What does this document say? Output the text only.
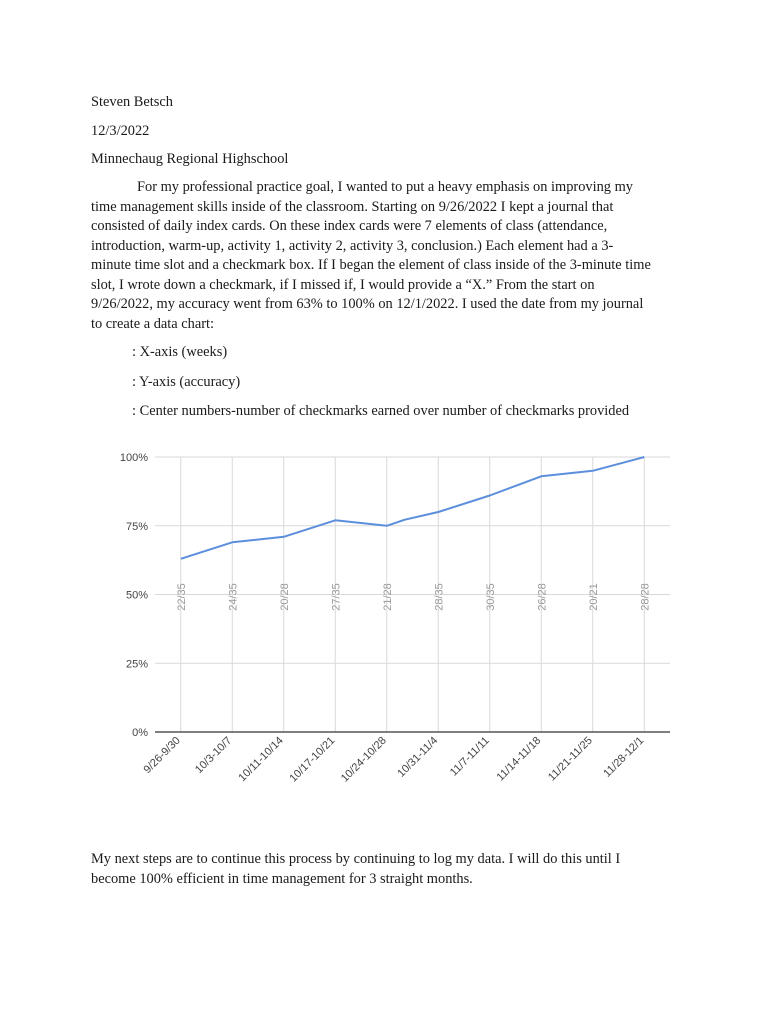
Steven Betsch
12/3/2022
Minnechaug Regional Highschool
For my professional practice goal, I wanted to put a heavy emphasis on improving my
time management skills inside of the classroom. Starting on 9/26/2022 I kept a journal that
consisted of daily index cards. On these index cards were 7 elements of class (attendance,
introduction, warm-up, activity 1, activity 2, activity 3, conclusion.) Each element had a 3-
minute time slot and a checkmark box. If I began the element of class inside of the 3-minute time
slot, I wrote down a checkmark, if I missed if, I would provide a “X.” From the start on
9/26/2022, my accuracy went from 63% to 100% on 12/1/2022. I used the date from my journal
to create a data chart:
: X-axis (weeks)
: Y-axis (accuracy)
: Center numbers-number of checkmarks earned over number of checkmarks provided
0%
25%
50%
75%
100%
9/26-9/30 10/3-10/7 10/11-10/14 10/17-10/21 10/24-10/28 10/31-11/4 11/7-11/11 11/14-11/18 11/21-11/25 11/28-12/1
22/35	24/35	20/28	27/35	21/28	28/35	30/35	26/28	20/21	28/28
My next steps are to continue this process by continuing to log my data. I will do this until I
become 100% efficient in time management for 3 straight months.
